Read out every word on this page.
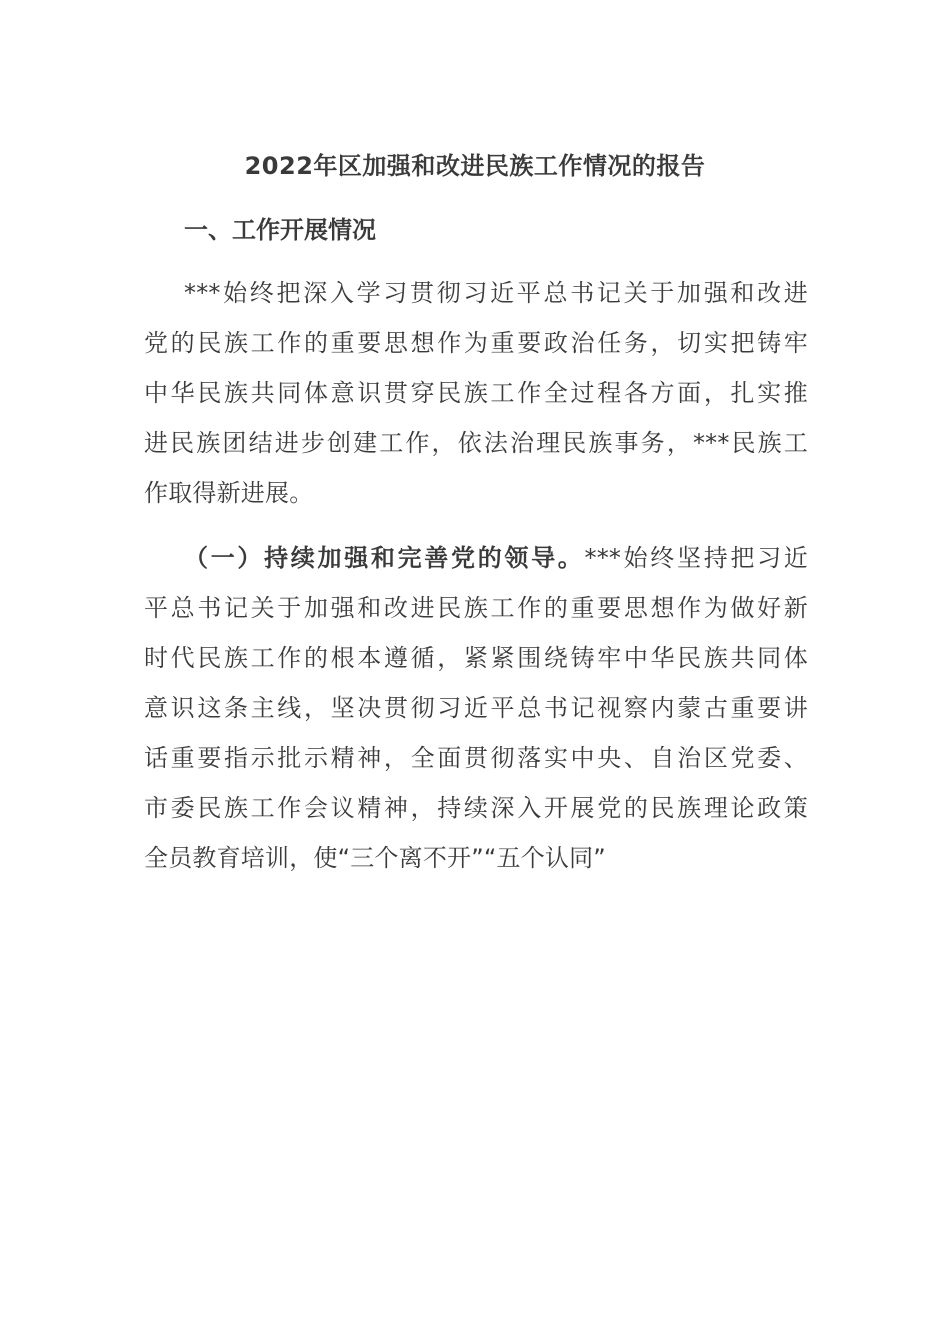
2022年区加强和改进民族工作情况的报告
一、工作开展情况
***始终把深入学习贯彻习近平总书记关于加强和改进
党的民族工作的重要思想作为重要政治任务，切实把铸牢
中华民族共同体意识贯穿民族工作全过程各方面，扎实推
进民族团结进步创建工作，依法治理民族事务，***民族工
作取得新进展。
（一）持续加强和完善党的领导。***始终坚持把习近
平总书记关于加强和改进民族工作的重要思想作为做好新
时代民族工作的根本遵循，紧紧围绕铸牢中华民族共同体
意识这条主线，坚决贯彻习近平总书记视察内蒙古重要讲
话重要指示批示精神，全面贯彻落实中央、自治区党委、
市委民族工作会议精神，持续深入开展党的民族理论政策
全员教育培训，使“三个离不开”“五个认同”
